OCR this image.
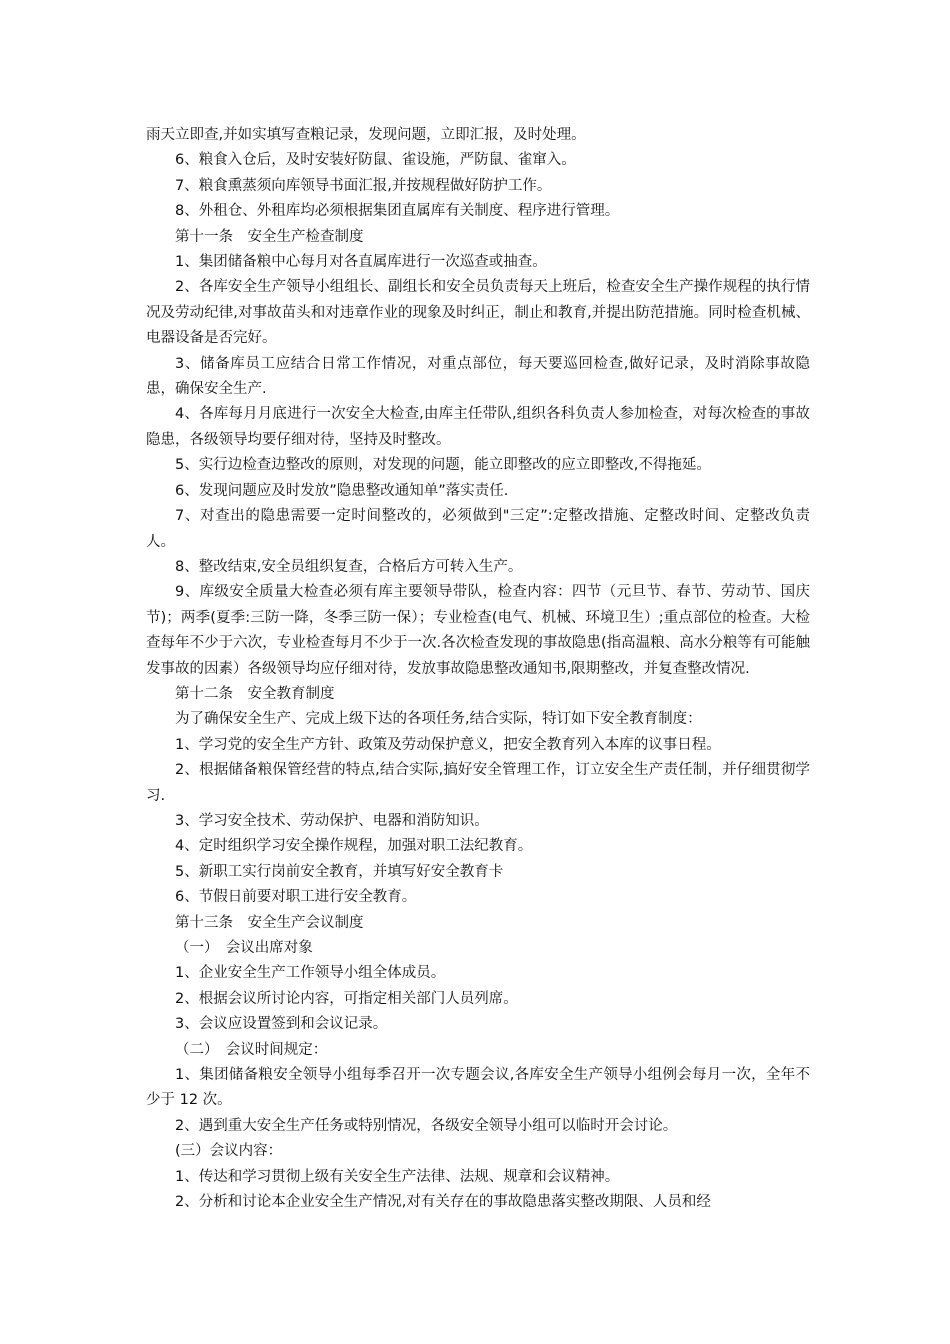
雨天立即查,并如实填写查粮记录，发现问题，立即汇报，及时处理。

6、粮食入仓后，及时安装好防鼠、雀设施，严防鼠、雀窜入。

7、粮食熏蒸须向库领导书面汇报,并按规程做好防护工作。

8、外租仓、外租库均必须根据集团直属库有关制度、程序进行管理。

第十一条　安全生产检查制度

1、集团储备粮中心每月对各直属库进行一次巡查或抽查。

2、各库安全生产领导小组组长、副组长和安全员负责每天上班后，检查安全生产操作规程的执行情况及劳动纪律,对事故苗头和对违章作业的现象及时纠正，制止和教育,并提出防范措施。同时检查机械、电器设备是否完好。

3、储备库员工应结合日常工作情况，对重点部位，每天要巡回检查,做好记录，及时消除事故隐患，确保安全生产.

4、各库每月月底进行一次安全大检查,由库主任带队,组织各科负责人参加检查，对每次检查的事故隐患，各级领导均要仔细对待，坚持及时整改。

5、实行边检查边整改的原则，对发现的问题，能立即整改的应立即整改,不得拖延。

6、发现问题应及时发放”隐患整改通知单”落实责任.

7、对查出的隐患需要一定时间整改的，必须做到"三定”:定整改措施、定整改时间、定整改负责人。

8、整改结束,安全员组织复查，合格后方可转入生产。

9、库级安全质量大检查必须有库主要领导带队，检查内容：四节（元旦节、春节、劳动节、国庆节)；两季(夏季:三防一降，冬季三防一保）；专业检查(电气、机械、环境卫生）;重点部位的检查。大检查每年不少于六次，专业检查每月不少于一次.各次检查发现的事故隐患(指高温粮、高水分粮等有可能触发事故的因素）各级领导均应仔细对待，发放事故隐患整改通知书,限期整改，并复查整改情况.

第十二条　安全教育制度

为了确保安全生产、完成上级下达的各项任务,结合实际，特订如下安全教育制度：

1、学习党的安全生产方针、政策及劳动保护意义，把安全教育列入本库的议事日程。

2、根据储备粮保管经营的特点,结合实际,搞好安全管理工作，订立安全生产责任制，并仔细贯彻学习.

3、学习安全技术、劳动保护、电器和消防知识。

4、定时组织学习安全操作规程，加强对职工法纪教育。

5、新职工实行岗前安全教育，并填写好安全教育卡

6、节假日前要对职工进行安全教育。

第十三条　安全生产会议制度

（一）　会议出席对象

1、企业安全生产工作领导小组全体成员。

2、根据会议所讨论内容，可指定相关部门人员列席。

3、会议应设置签到和会议记录。

（二）　会议时间规定：

1、集团储备粮安全领导小组每季召开一次专题会议,各库安全生产领导小组例会每月一次，全年不少于 12 次。

2、遇到重大安全生产任务或特别情况，各级安全领导小组可以临时开会讨论。

(三）会议内容：

1、传达和学习贯彻上级有关安全生产法律、法规、规章和会议精神。

2、分析和讨论本企业安全生产情况,对有关存在的事故隐患落实整改期限、人员和经
